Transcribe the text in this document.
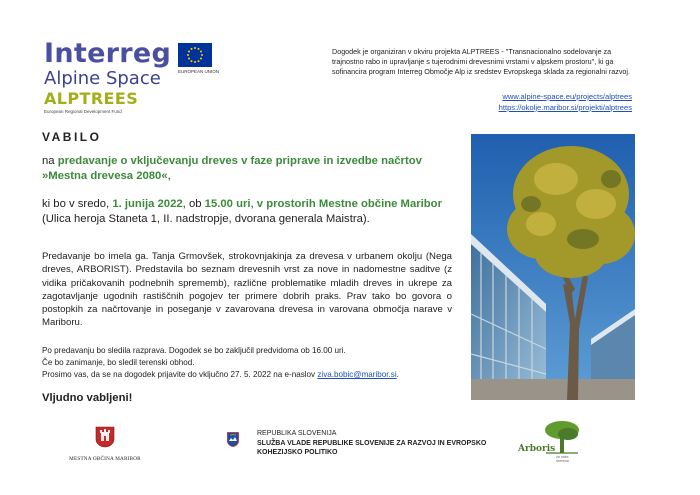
Interreg
Alpine Space
ALPTREES
European Regional Development Fund
EUROPEAN UNION
Dogodek je organiziran v okviru projekta ALPTREES - "Transnacionalno sodelovanje za trajnostno rabo in upravljanje s tujerodnimi drevesnimi vrstami v alpskem prostoru", ki ga sofinancira program Interreg Območje Alp iz sredstev Evropskega sklada za regionalni razvoj.
www.alpine-space.eu/projects/alptrees
https://okolje.maribor.si/projekti/alptrees
VABILO
na predavanje o vključevanju dreves v faze priprave in izvedbe načrtov »Mestna drevesa 2080«,
ki bo v sredo, 1. junija 2022, ob 15.00 uri, v prostorih Mestne občine Maribor
(Ulica heroja Staneta 1, II. nadstropje, dvorana generala Maistra).
Predavanje bo imela ga. Tanja Grmovšek, strokovnjakinja za drevesa v urbanem okolju (Nega dreves, ARBORIST). Predstavila bo seznam drevesnih vrst za nove in nadomestne saditve (z vidika pričakovanih podnebnih sprememb), različne problematike mladih dreves in ukrepe za zagotavljanje ugodnih rastiščnih pogojev ter primere dobrih praks. Prav tako bo govora o postopkih za načrtovanje in poseganje v zavarovana drevesa in varovana območja narave v Mariboru.
Po predavanju bo sledila razprava. Dogodek se bo zaključil predvidoma ob 16.00 uri.
Če bo zanimanje, bo sledil terenski obhod.
Prosimo vas, da se na dogodek prijavite do vključno 27. 5. 2022 na e-naslov ziva.bobic@maribor.si.
Vljudno vabljeni!
MESTNA OBČINA MARIBOR
REPUBLIKA SLOVENIJA
SLUŽBA VLADE REPUBLIKE SLOVENIJE ZA RAZVOJ IN EVROPSKO KOHEZIJSKO POLITIKO	Arboris
za naše drevesa
